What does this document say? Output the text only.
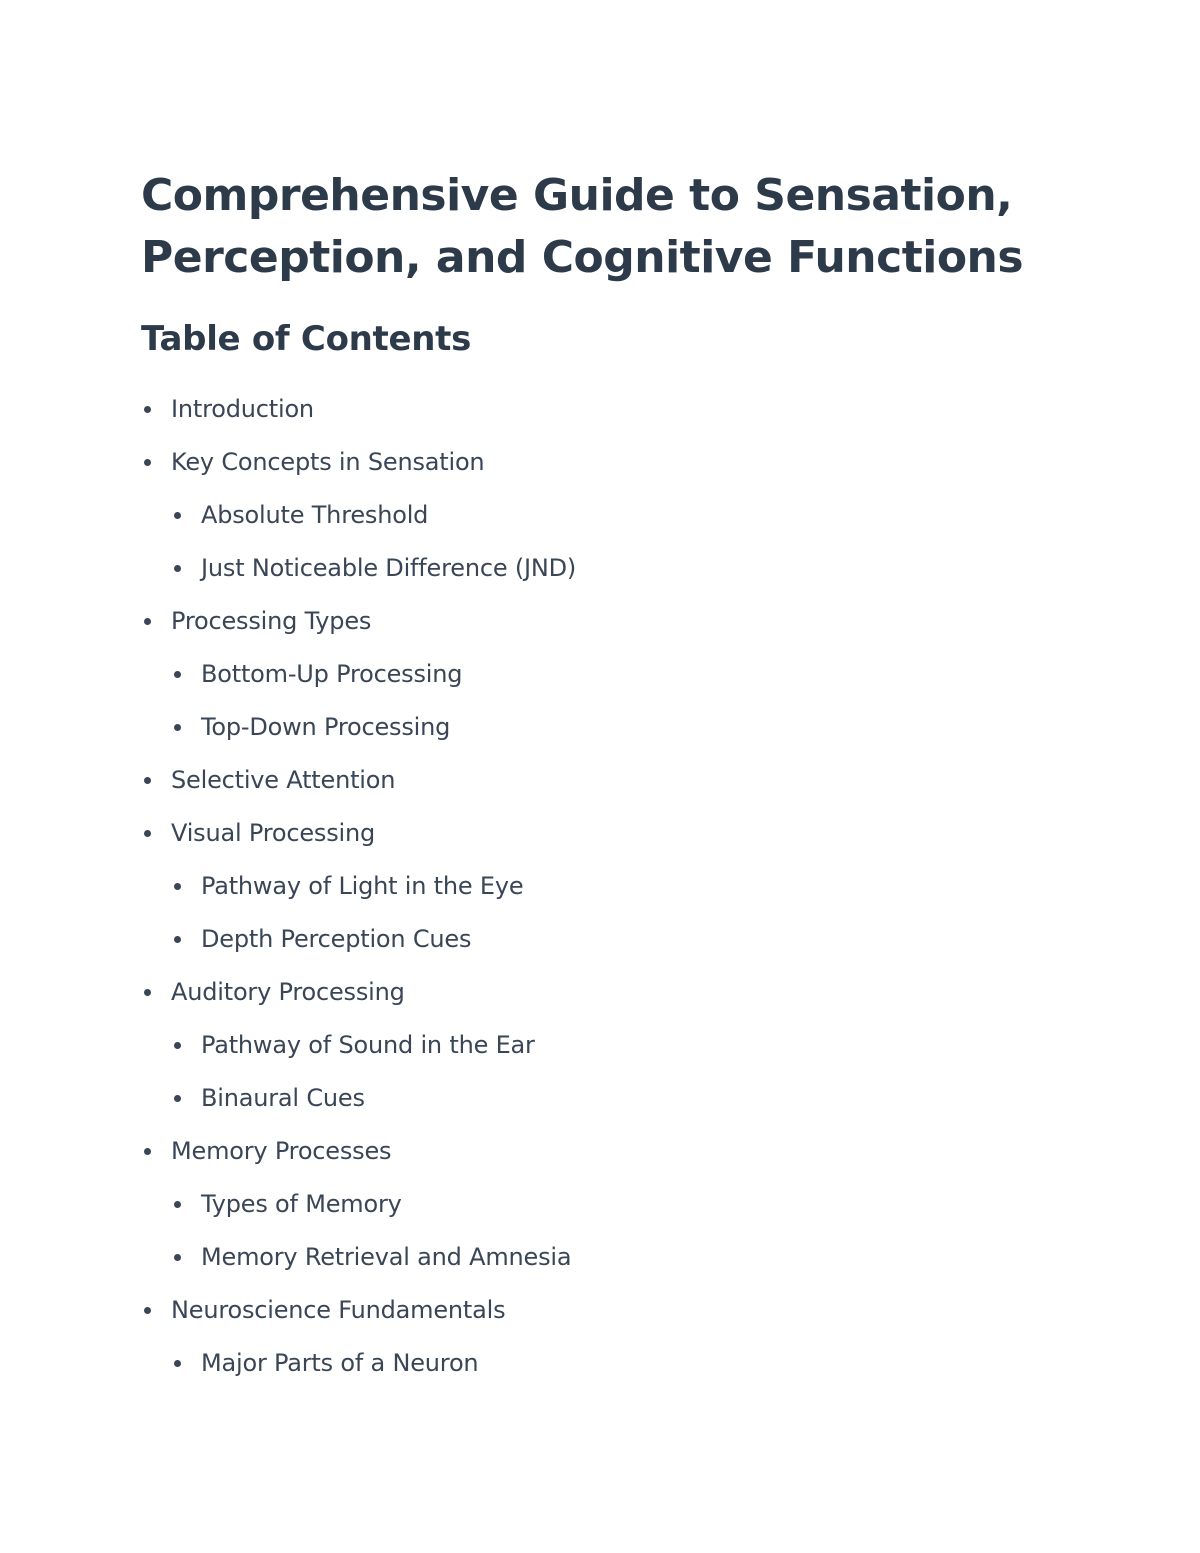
Comprehensive Guide to Sensation, Perception, and Cognitive Functions
Table of Contents
Introduction
Key Concepts in Sensation
Absolute Threshold
Just Noticeable Difference (JND)
Processing Types
Bottom-Up Processing
Top-Down Processing
Selective Attention
Visual Processing
Pathway of Light in the Eye
Depth Perception Cues
Auditory Processing
Pathway of Sound in the Ear
Binaural Cues
Memory Processes
Types of Memory
Memory Retrieval and Amnesia
Neuroscience Fundamentals
Major Parts of a Neuron
